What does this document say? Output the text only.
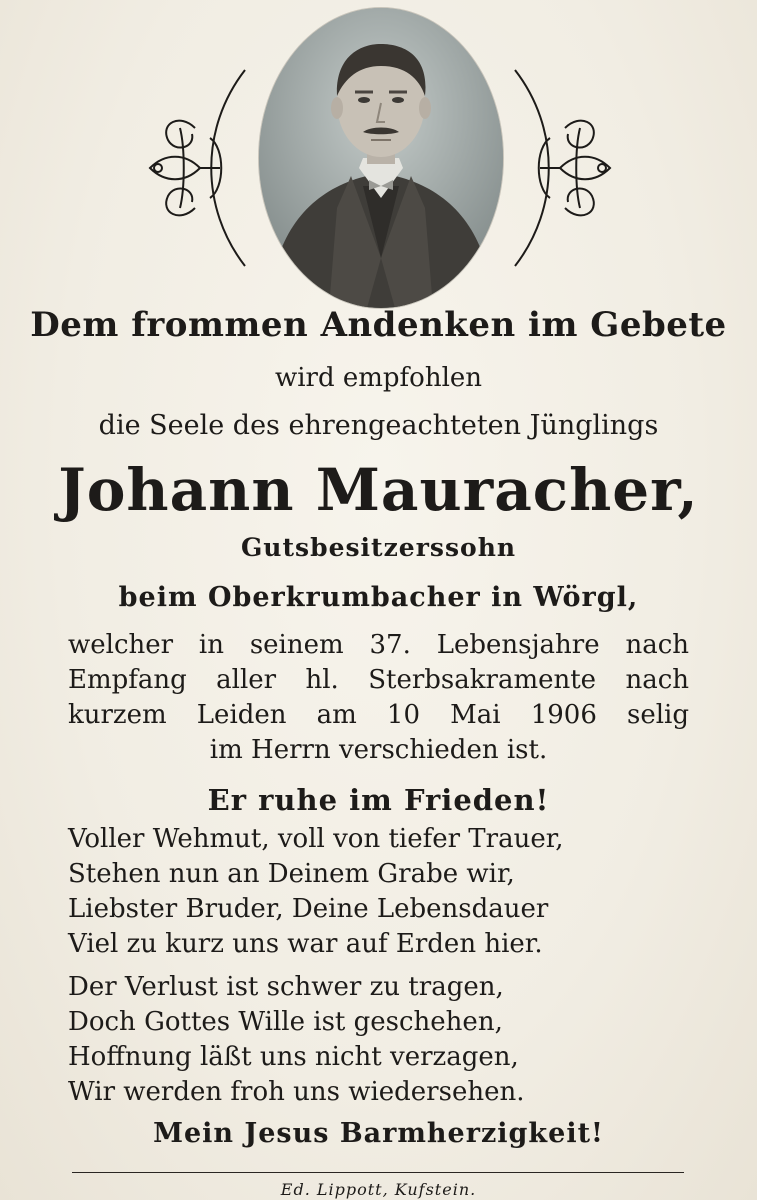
Dem frommen Andenken im Gebete
wird empfohlen
die Seele des ehrengeachteten Jünglings
Johann Mauracher,
Gutsbesitzerssohn
beim Oberkrumbacher in Wörgl,
welcher in seinem 37. Lebensjahre nach
Empfang aller hl. Sterbsakramente nach
kurzem Leiden am 10 Mai 1906 selig
im Herrn verschieden ist.
Er ruhe im Frieden!
Voller Wehmut, voll von tiefer Trauer,
Stehen nun an Deinem Grabe wir,
Liebster Bruder, Deine Lebensdauer
Viel zu kurz uns war auf Erden hier.
Der Verlust ist schwer zu tragen,
Doch Gottes Wille ist geschehen,
Hoffnung läßt uns nicht verzagen,
Wir werden froh uns wiedersehen.
Mein Jesus Barmherzigkeit!
Ed. Lippott, Kufstein.
